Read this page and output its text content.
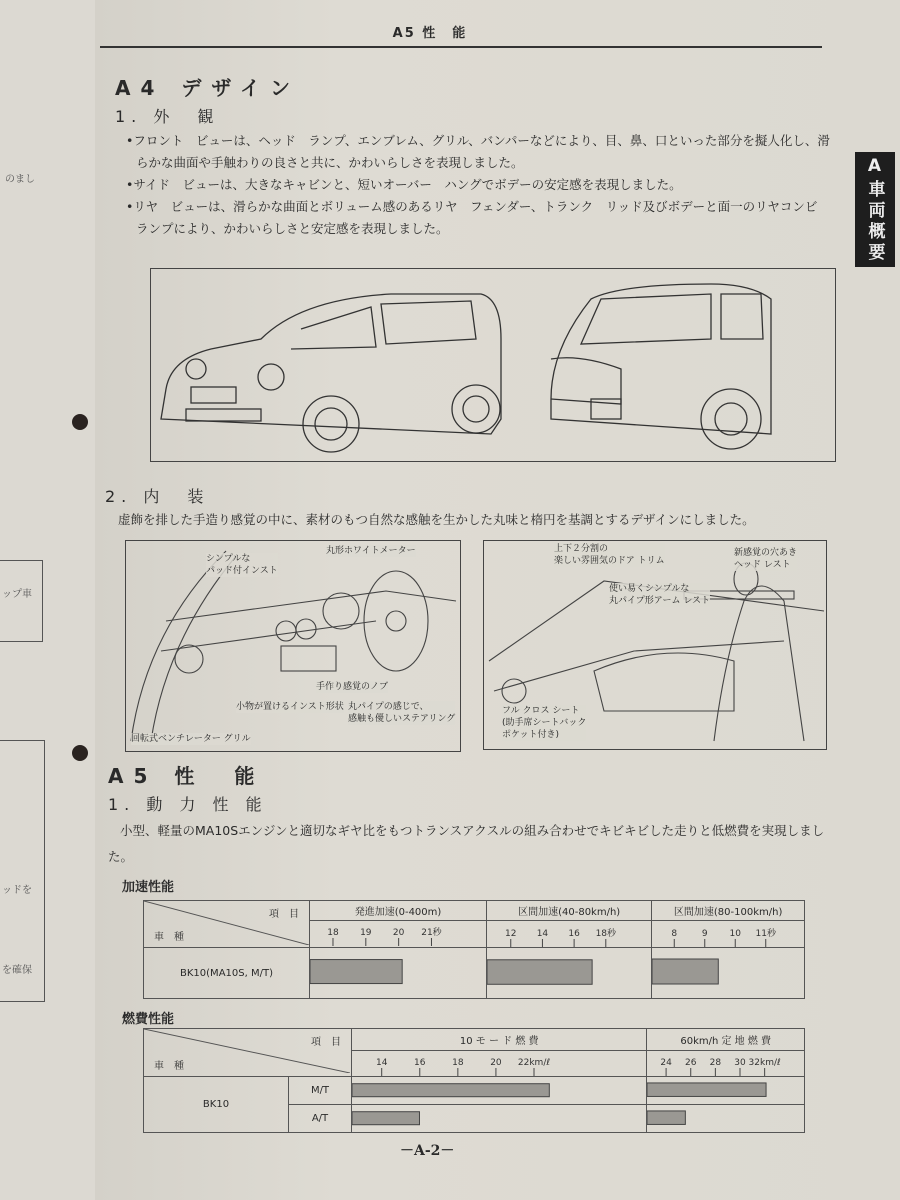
のまし
ップ車
ッドを
を確保
A5 性　能
A車両概要
A4 デザイン
1. 外　観
•フロント　ビューは、ヘッド　ランプ、エンブレム、グリル、バンパーなどにより、目、鼻、口といった部分を擬人化し、滑らかな曲面や手触わりの良さと共に、かわいらしさを表現しました。
•サイド　ビューは、大きなキャビンと、短いオーバー　ハングでボデーの安定感を表現しました。
•リヤ　ビューは、滑らかな曲面とボリューム感のあるリヤ　フェンダー、トランク　リッド及びボデーと面一のリヤコンビ　ランプにより、かわいらしさと安定感を表現しました。
2. 内　装
虚飾を排した手造り感覚の中に、素材のもつ自然な感触を生かした丸味と楕円を基調とするデザインにしました。
シンプルな
パッド付インスト
丸形ホワイトメーター
手作り感覚のノブ
小物が置けるインスト形状 丸パイプの感じで、
感触も優しいステアリング
回転式ベンチレーター グリル
上下２分割の
楽しい雰囲気のドア トリム
新感覚の穴あき
ヘッド レスト
使い易くシンプルな
丸パイプ形アーム レスト
フル クロス シート
(助手席シートバック
ポケット付き)
A5 性　能
1. 動 力 性 能
小型、軽量のMA10Sエンジンと適切なギヤ比をもつトランスアクスルの組み合わせでキビキビした走りと低燃費を実現しました。
加速性能
項　目
車　種	発進加速(0-400m)	区間加速(40-80km/h)	区間加速(80-100km/h)

18 19 20 21秒	12 14 16 18秒	8 9 10 11秒

BK10(MA10S, M/T)	

燃費性能
項　目
車　種		10 モ ー ド 燃 費	60km/h 定 地 燃 費

14 16 18 20 22km/ℓ	24 26 28 30 32km/ℓ

BK10	M/T	

	A/T	

－A-2－
